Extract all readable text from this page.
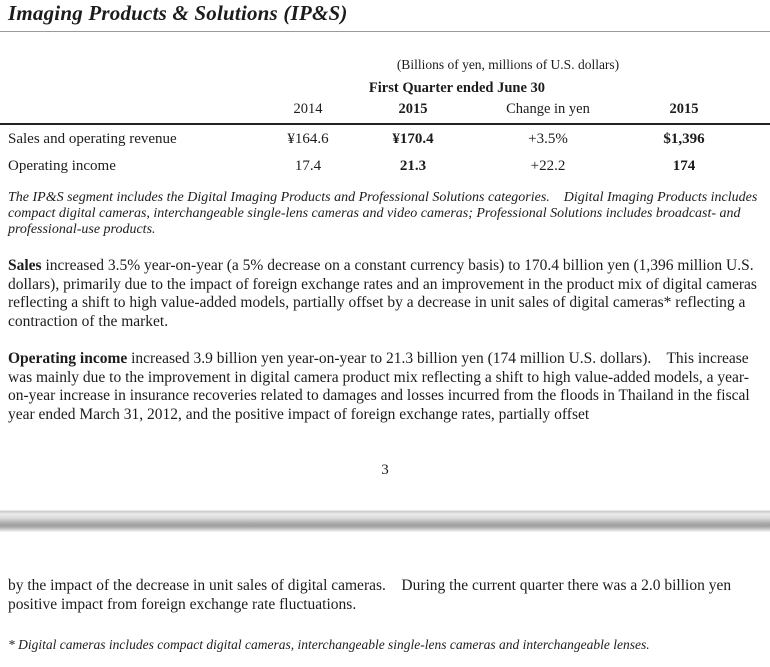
Imaging Products & Solutions (IP&S)
(Billions of yen, millions of U.S. dollars)
First Quarter ended June 30
2014	2015	Change in yen	2015
Sales and operating revenue	¥164.6	¥170.4	+3.5%	$1,396
Operating income	17.4	21.3	+22.2	174
The IP&S segment includes the Digital Imaging Products and Professional Solutions categories.    Digital Imaging Products includes compact digital cameras, interchangeable single-lens cameras and video cameras; Professional Solutions includes broadcast- and professional-use products.
Sales increased 3.5% year-on-year (a 5% decrease on a constant currency basis) to 170.4 billion yen (1,396 million U.S. dollars), primarily due to the impact of foreign exchange rates and an improvement in the product mix of digital cameras reflecting a shift to high value-added models, partially offset by a decrease in unit sales of digital cameras* reflecting a contraction of the market.
Operating income increased 3.9 billion yen year-on-year to 21.3 billion yen (174 million U.S. dollars).    This increase was mainly due to the improvement in digital camera product mix reflecting a shift to high value-added models, a year-on-year increase in insurance recoveries related to damages and losses incurred from the floods in Thailand in the fiscal year ended March 31, 2012, and the positive impact of foreign exchange rates, partially offset
3
by the impact of the decrease in unit sales of digital cameras.    During the current quarter there was a 2.0 billion yen positive impact from foreign exchange rate fluctuations.
* Digital cameras includes compact digital cameras, interchangeable single-lens cameras and interchangeable lenses.
